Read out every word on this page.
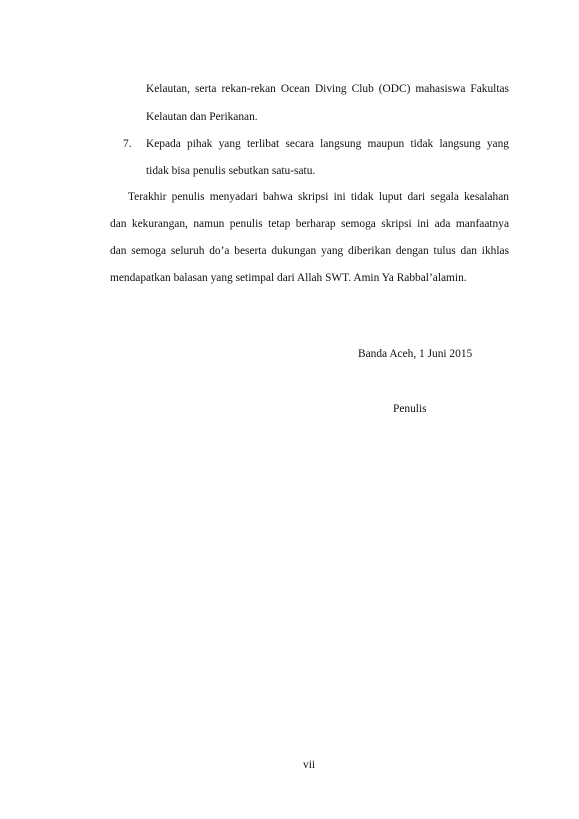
Kelautan, serta rekan-rekan Ocean Diving Club (ODC) mahasiswa Fakultas
Kelautan dan Perikanan.
7. Kepada pihak yang terlibat secara langsung maupun tidak langsung yang
tidak bisa penulis sebutkan satu-satu.
Terakhir penulis menyadari bahwa skripsi ini tidak luput dari segala kesalahan
dan kekurangan, namun penulis tetap berharap semoga skripsi ini ada manfaatnya
dan semoga seluruh do’a beserta dukungan yang diberikan dengan tulus dan ikhlas
mendapatkan balasan yang setimpal dari Allah SWT. Amin Ya Rabbal’alamin.
Banda Aceh, 1 Juni 2015
Penulis
vii
